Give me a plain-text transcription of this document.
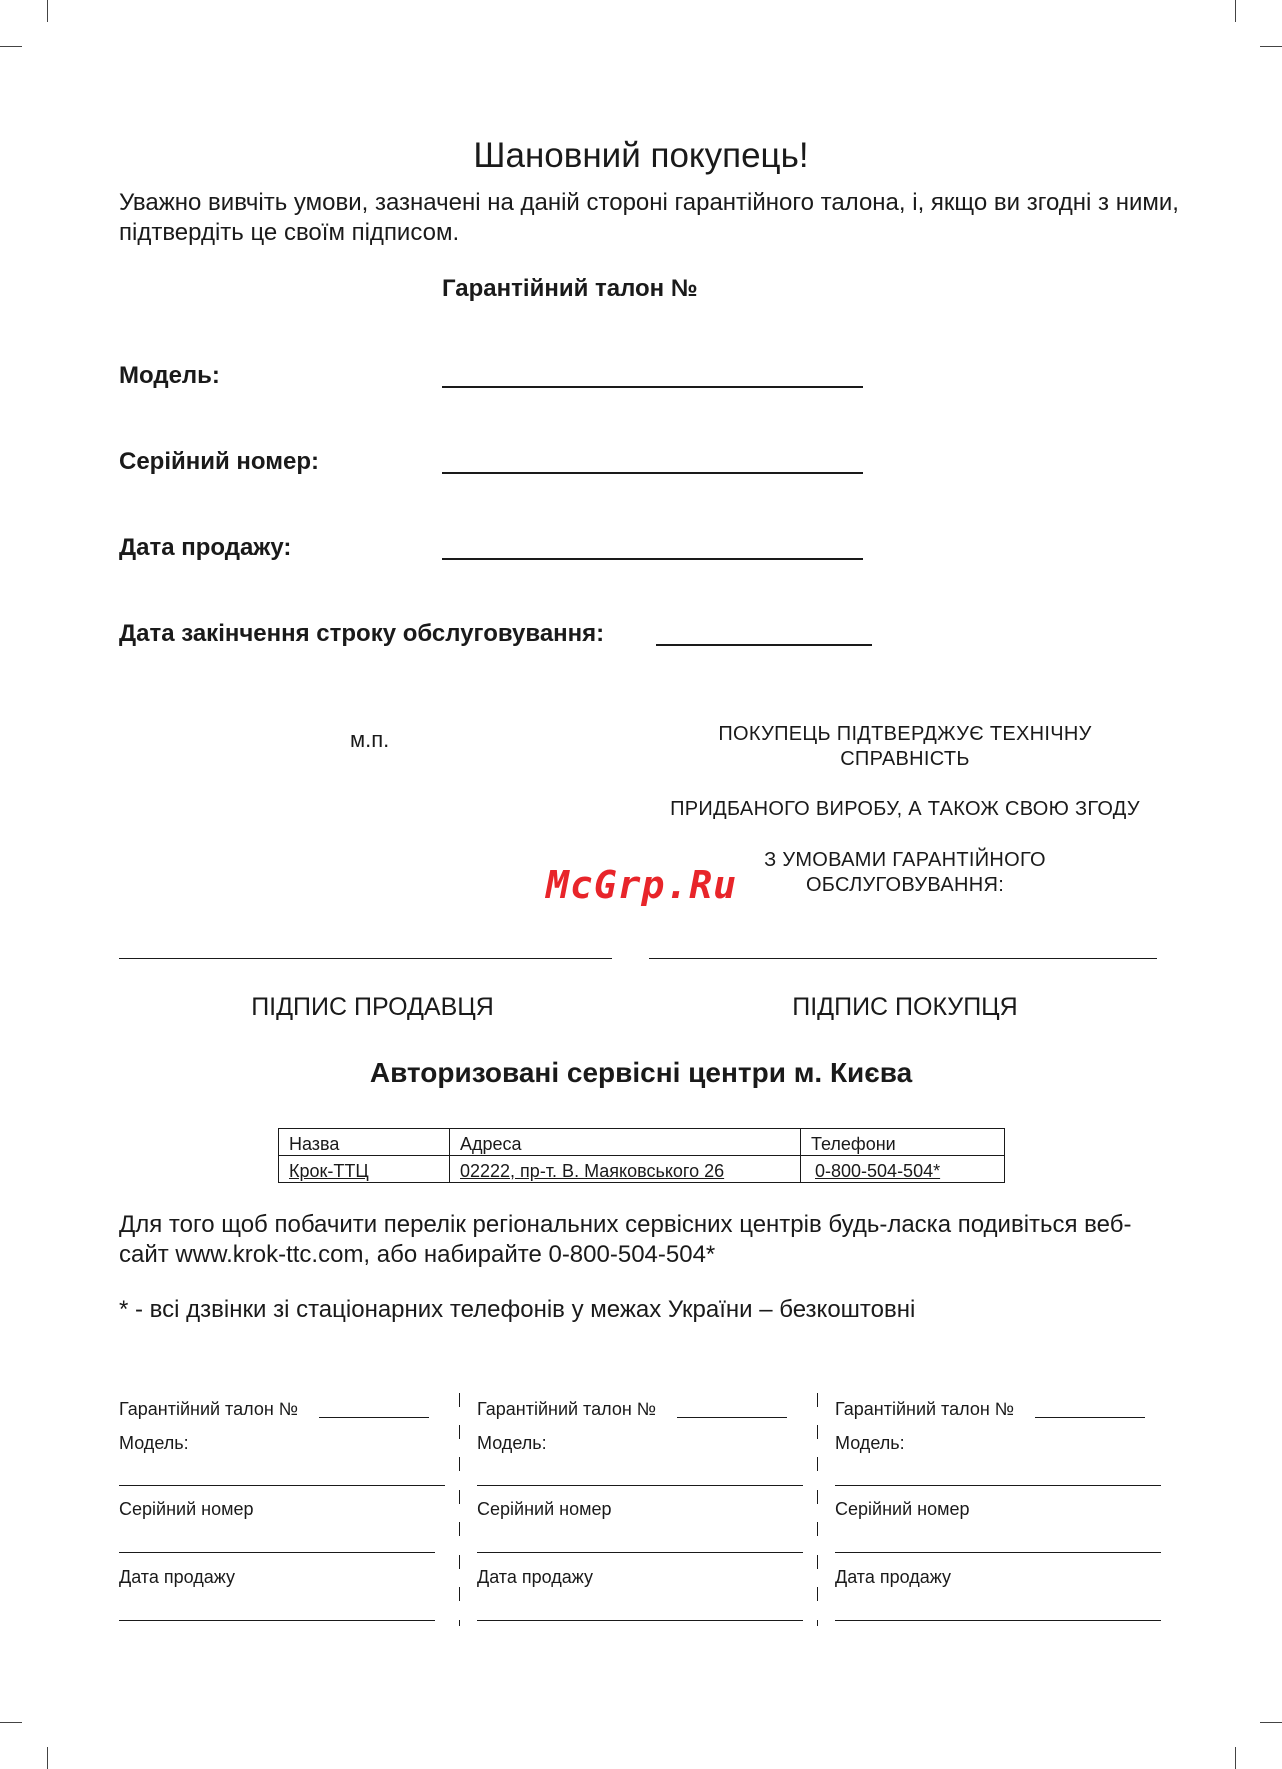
Шановний покупець!
Уважно вивчіть умови, зазначені на даній стороні гарантійного талона, і, якщо ви згодні з ними, підтвердіть це своїм підписом.
Гарантійний талон №
Модель:
Серійний номер:
Дата продажу:
Дата закінчення строку обслуговування:
м.п.	ПОКУПЕЦЬ ПІДТВЕРДЖУЄ ТЕХНІЧНУ
СПРАВНІСТЬ
ПРИДБАНОГО ВИРОБУ, А ТАКОЖ СВОЮ ЗГОДУ
З УМОВАМИ ГАРАНТІЙНОГО
ОБСЛУГОВУВАННЯ:
McGrp.Ru
ПІДПИС ПРОДАВЦЯ	ПІДПИС ПОКУПЦЯ
Авторизовані сервісні центри м. Києва
Назва	Адреса	Телефони
Крок-ТТЦ	02222, пр-т. В. Маяковського 26	0-800-504-504*
Для того щоб побачити перелік регіональних сервісних центрів будь-ласка подивіться веб-сайт www.krok-ttc.com, або набирайте 0-800-504-504*
* - всі дзвінки зі стаціонарних телефонів у межах України – безкоштовні
Гарантійний талон №
Модель:
Серійний номер
Дата продажу
Гарантійний талон №
Модель:
Серійний номер
Дата продажу
Гарантійний талон №
Модель:
Серійний номер
Дата продажу
